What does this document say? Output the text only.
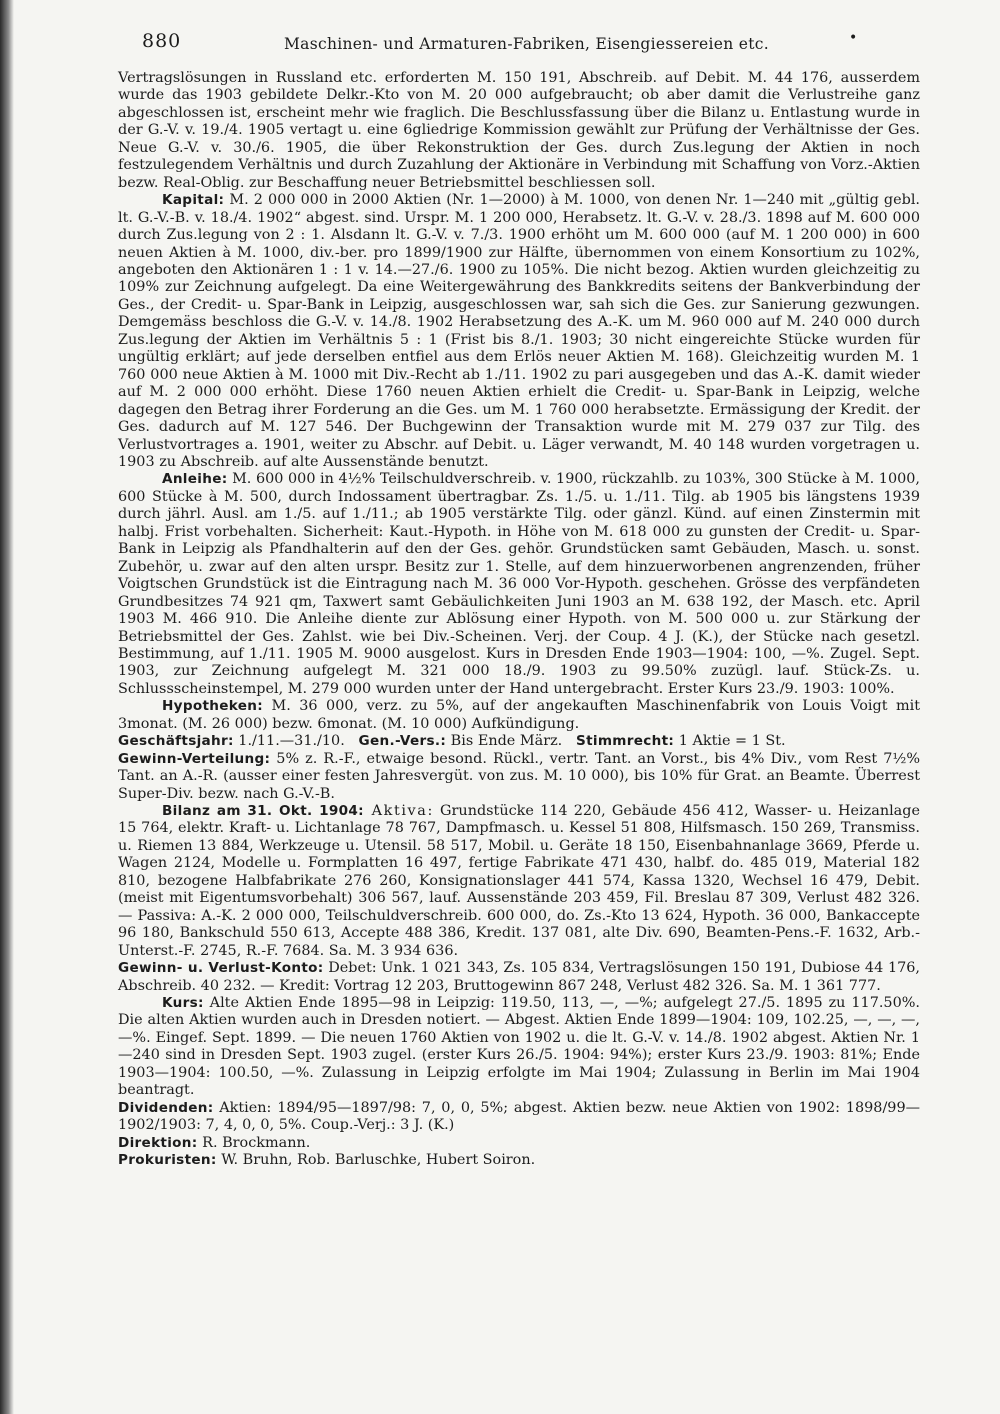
880	Maschinen- und Armaturen-Fabriken, Eisengiessereien etc.	•

Vertragslösungen in Russland etc. erforderten M. 150 191, Abschreib. auf Debit. M. 44 176, ausserdem wurde das 1903 gebildete Delkr.-Kto von M. 20 000 aufgebraucht; ob aber damit die Verlustreihe ganz abgeschlossen ist, erscheint mehr wie fraglich. Die Beschlussfassung über die Bilanz u. Entlastung wurde in der G.-V. v. 19./4. 1905 vertagt u. eine 6gliedrige Kommission gewählt zur Prüfung der Verhältnisse der Ges. Neue G.-V. v. 30./6. 1905, die über Rekonstruktion der Ges. durch Zus.legung der Aktien in noch festzulegendem Verhältnis und durch Zuzahlung der Aktionäre in Verbindung mit Schaffung von Vorz.-Aktien bezw. Real-Oblig. zur Beschaffung neuer Betriebsmittel beschliessen soll.

Kapital: M. 2 000 000 in 2000 Aktien (Nr. 1—2000) à M. 1000, von denen Nr. 1—240 mit „gültig gebl. lt. G.-V.-B. v. 18./4. 1902“ abgest. sind. Urspr. M. 1 200 000, Herabsetz. lt. G.-V. v. 28./3. 1898 auf M. 600 000 durch Zus.legung von 2 : 1. Alsdann lt. G.-V. v. 7./3. 1900 erhöht um M. 600 000 (auf M. 1 200 000) in 600 neuen Aktien à M. 1000, div.-ber. pro 1899/1900 zur Hälfte, übernommen von einem Konsortium zu 102%, angeboten den Aktionären 1 : 1 v. 14.—27./6. 1900 zu 105%. Die nicht bezog. Aktien wurden gleichzeitig zu 109% zur Zeichnung aufgelegt. Da eine Weitergewährung des Bankkredits seitens der Bankverbindung der Ges., der Credit- u. Spar-Bank in Leipzig, ausgeschlossen war, sah sich die Ges. zur Sanierung gezwungen. Demgemäss beschloss die G.-V. v. 14./8. 1902 Herabsetzung des A.-K. um M. 960 000 auf M. 240 000 durch Zus.legung der Aktien im Verhältnis 5 : 1 (Frist bis 8./1. 1903; 30 nicht eingereichte Stücke wurden für ungültig erklärt; auf jede derselben entfiel aus dem Erlös neuer Aktien M. 168). Gleichzeitig wurden M. 1 760 000 neue Aktien à M. 1000 mit Div.-Recht ab 1./11. 1902 zu pari ausgegeben und das A.-K. damit wieder auf M. 2 000 000 erhöht. Diese 1760 neuen Aktien erhielt die Credit- u. Spar-Bank in Leipzig, welche dagegen den Betrag ihrer Forderung an die Ges. um M. 1 760 000 herabsetzte. Ermässigung der Kredit. der Ges. dadurch auf M. 127 546. Der Buchgewinn der Transaktion wurde mit M. 279 037 zur Tilg. des Verlustvortrages a. 1901, weiter zu Abschr. auf Debit. u. Läger verwandt, M. 40 148 wurden vorgetragen u. 1903 zu Abschreib. auf alte Aussenstände benutzt.

Anleihe: M. 600 000 in 4½% Teilschuldverschreib. v. 1900, rückzahlb. zu 103%, 300 Stücke à M. 1000, 600 Stücke à M. 500, durch Indossament übertragbar. Zs. 1./5. u. 1./11. Tilg. ab 1905 bis längstens 1939 durch jährl. Ausl. am 1./5. auf 1./11.; ab 1905 verstärkte Tilg. oder gänzl. Künd. auf einen Zinstermin mit halbj. Frist vorbehalten. Sicherheit: Kaut.-Hypoth. in Höhe von M. 618 000 zu gunsten der Credit- u. Spar-Bank in Leipzig als Pfandhalterin auf den der Ges. gehör. Grundstücken samt Gebäuden, Masch. u. sonst. Zubehör, u. zwar auf den alten urspr. Besitz zur 1. Stelle, auf dem hinzuerworbenen angrenzenden, früher Voigtschen Grundstück ist die Eintragung nach M. 36 000 Vor-Hypoth. geschehen. Grösse des verpfändeten Grundbesitzes 74 921 qm, Taxwert samt Gebäulichkeiten Juni 1903 an M. 638 192, der Masch. etc. April 1903 M. 466 910. Die Anleihe diente zur Ablösung einer Hypoth. von M. 500 000 u. zur Stärkung der Betriebsmittel der Ges. Zahlst. wie bei Div.-Scheinen. Verj. der Coup. 4 J. (K.), der Stücke nach gesetzl. Bestimmung, auf 1./11. 1905 M. 9000 ausgelost. Kurs in Dresden Ende 1903—1904: 100, —%. Zugel. Sept. 1903, zur Zeichnung aufgelegt M. 321 000 18./9. 1903 zu 99.50% zuzügl. lauf. Stück-Zs. u. Schlussscheinstempel, M. 279 000 wurden unter der Hand untergebracht. Erster Kurs 23./9. 1903: 100%.

Hypotheken: M. 36 000, verz. zu 5%, auf der angekauften Maschinenfabrik von Louis Voigt mit 3monat. (M. 26 000) bezw. 6monat. (M. 10 000) Aufkündigung.

Geschäftsjahr: 1./11.—31./10. Gen.-Vers.: Bis Ende März. Stimmrecht: 1 Aktie = 1 St.

Gewinn-Verteilung: 5% z. R.-F., etwaige besond. Rückl., vertr. Tant. an Vorst., bis 4% Div., vom Rest 7½% Tant. an A.-R. (ausser einer festen Jahresvergüt. von zus. M. 10 000), bis 10% für Grat. an Beamte. Überrest Super-Div. bezw. nach G.-V.-B.

Bilanz am 31. Okt. 1904: Aktiva: Grundstücke 114 220, Gebäude 456 412, Wasser- u. Heizanlage 15 764, elektr. Kraft- u. Lichtanlage 78 767, Dampfmasch. u. Kessel 51 808, Hilfsmasch. 150 269, Transmiss. u. Riemen 13 884, Werkzeuge u. Utensil. 58 517, Mobil. u. Geräte 18 150, Eisenbahnanlage 3669, Pferde u. Wagen 2124, Modelle u. Formplatten 16 497, fertige Fabrikate 471 430, halbf. do. 485 019, Material 182 810, bezogene Halbfabrikate 276 260, Konsignationslager 441 574, Kassa 1320, Wechsel 16 479, Debit. (meist mit Eigentumsvorbehalt) 306 567, lauf. Aussenstände 203 459, Fil. Breslau 87 309, Verlust 482 326. — Passiva: A.-K. 2 000 000, Teilschuldverschreib. 600 000, do. Zs.-Kto 13 624, Hypoth. 36 000, Bankaccepte 96 180, Bankschuld 550 613, Accepte 488 386, Kredit. 137 081, alte Div. 690, Beamten-Pens.-F. 1632, Arb.-Unterst.-F. 2745, R.-F. 7684. Sa. M. 3 934 636.

Gewinn- u. Verlust-Konto: Debet: Unk. 1 021 343, Zs. 105 834, Vertragslösungen 150 191, Dubiose 44 176, Abschreib. 40 232. — Kredit: Vortrag 12 203, Bruttogewinn 867 248, Verlust 482 326. Sa. M. 1 361 777.

Kurs: Alte Aktien Ende 1895—98 in Leipzig: 119.50, 113, —, —%; aufgelegt 27./5. 1895 zu 117.50%. Die alten Aktien wurden auch in Dresden notiert. — Abgest. Aktien Ende 1899—1904: 109, 102.25, —, —, —, —%. Eingef. Sept. 1899. — Die neuen 1760 Aktien von 1902 u. die lt. G.-V. v. 14./8. 1902 abgest. Aktien Nr. 1—240 sind in Dresden Sept. 1903 zugel. (erster Kurs 26./5. 1904: 94%); erster Kurs 23./9. 1903: 81%; Ende 1903—1904: 100.50, —%. Zulassung in Leipzig erfolgte im Mai 1904; Zulassung in Berlin im Mai 1904 beantragt.

Dividenden: Aktien: 1894/95—1897/98: 7, 0, 0, 5%; abgest. Aktien bezw. neue Aktien von 1902: 1898/99—1902/1903: 7, 4, 0, 0, 5%. Coup.-Verj.: 3 J. (K.)

Direktion: R. Brockmann.

Prokuristen: W. Bruhn, Rob. Barluschke, Hubert Soiron.
